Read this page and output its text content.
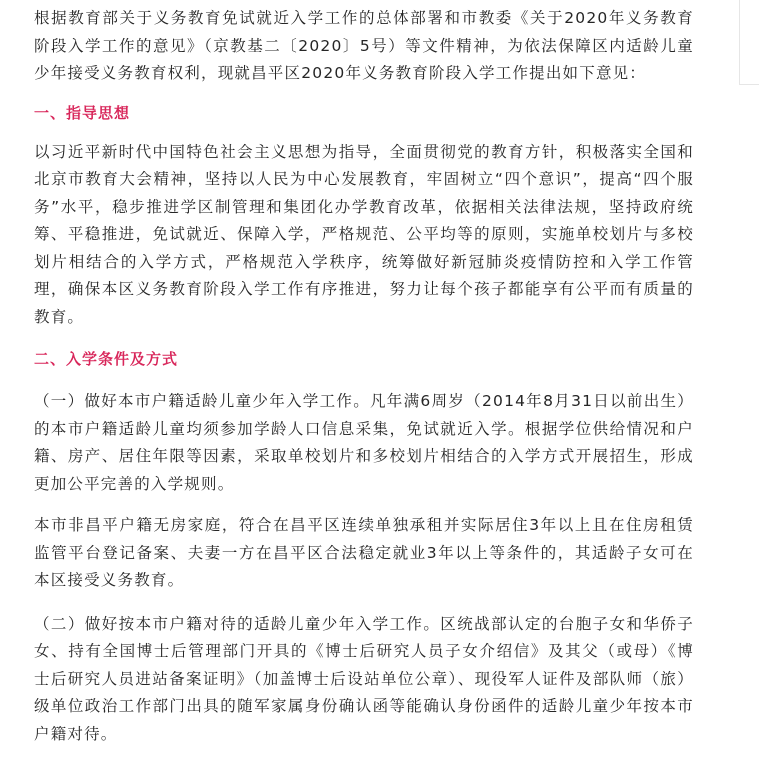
根据教育部关于义务教育免试就近入学工作的总体部署和市教委《关于2020年义务教育阶段入学工作的意见》（京教基二〔2020〕5号）等文件精神，为依法保障区内适龄儿童少年接受义务教育权利，现就昌平区2020年义务教育阶段入学工作提出如下意见：

一、指导思想

以习近平新时代中国特色社会主义思想为指导，全面贯彻党的教育方针，积极落实全国和北京市教育大会精神，坚持以人民为中心发展教育，牢固树立“四个意识”，提高“四个服务”水平，稳步推进学区制管理和集团化办学教育改革，依据相关法律法规，坚持政府统筹、平稳推进，免试就近、保障入学，严格规范、公平均等的原则，实施单校划片与多校划片相结合的入学方式，严格规范入学秩序，统筹做好新冠肺炎疫情防控和入学工作管理，确保本区义务教育阶段入学工作有序推进，努力让每个孩子都能享有公平而有质量的教育。

二、入学条件及方式

（一）做好本市户籍适龄儿童少年入学工作。凡年满6周岁（2014年8月31日以前出生）的本市户籍适龄儿童均须参加学龄人口信息采集，免试就近入学。根据学位供给情况和户籍、房产、居住年限等因素，采取单校划片和多校划片相结合的入学方式开展招生，形成更加公平完善的入学规则。

本市非昌平户籍无房家庭，符合在昌平区连续单独承租并实际居住3年以上且在住房租赁监管平台登记备案、夫妻一方在昌平区合法稳定就业3年以上等条件的，其适龄子女可在本区接受义务教育。

（二）做好按本市户籍对待的适龄儿童少年入学工作。区统战部认定的台胞子女和华侨子女、持有全国博士后管理部门开具的《博士后研究人员子女介绍信》及其父（或母）《博士后研究人员进站备案证明》（加盖博士后设站单位公章）、现役军人证件及部队师（旅）级单位政治工作部门出具的随军家属身份确认函等能确认身份函件的适龄儿童少年按本市户籍对待。
